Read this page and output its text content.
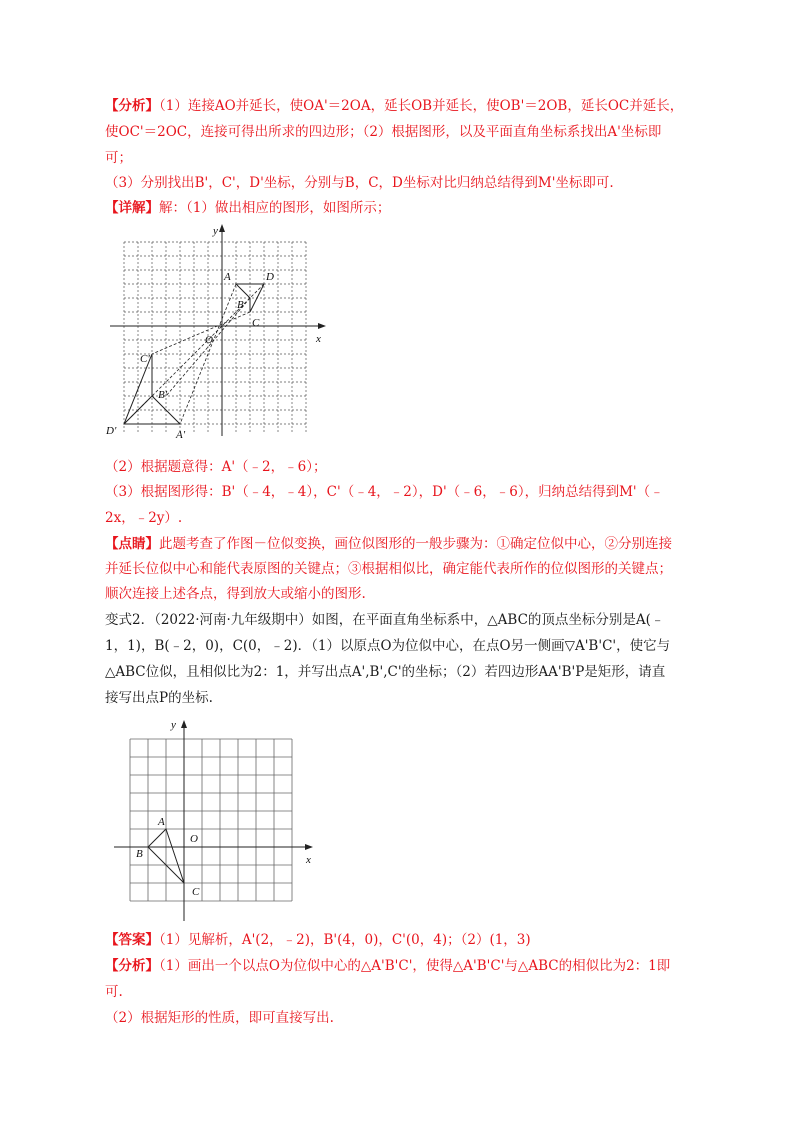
【分析】（1）连接AO并延长，使OA'＝2OA，延长OB并延长，使OB'＝2OB，延长OC并延长，
使OC'＝2OC，连接可得出所求的四边形；（2）根据图形，以及平面直角坐标系找出A'坐标即
可；
（3）分别找出B'，C'，D'坐标，分别与B，C，D坐标对比归纳总结得到M'坐标即可.
【详解】解：（1）做出相应的图形，如图所示；
y
x
O
A	D
B
C
C'
B'
D'	A'
（2）根据题意得：A'（﹣2，﹣6）；
（3）根据图形得：B'（﹣4，﹣4），C'（﹣4，﹣2），D'（﹣6，﹣6），归纳总结得到M'（﹣
2x，﹣2y）.
【点睛】此题考查了作图－位似变换，画位似图形的一般步骤为：①确定位似中心，②分别连接
并延长位似中心和能代表原图的关键点；③根据相似比，确定能代表所作的位似图形的关键点；
顺次连接上述各点，得到放大或缩小的图形.
变式2．（2022·河南·九年级期中）如图，在平面直角坐标系中，△ABC的顶点坐标分别是A(﹣
1，1)，B(﹣2，0)，C(0，﹣2)．（1）以原点O为位似中心，在点O另一侧画▽A'B'C'，使它与
△ABC位似，且相似比为2：1，并写出点A',B',C'的坐标；（2）若四边形AA'B'P是矩形，请直
接写出点P的坐标.
y
x
O
A
B
C
【答案】（1）见解析，A'(2，﹣2)，B'(4，0)，C'(0，4)；（2）(1，3)
【分析】（1）画出一个以点O为位似中心的△A'B'C'，使得△A'B'C'与△ABC的相似比为2：1即
可.
（2）根据矩形的性质，即可直接写出.
